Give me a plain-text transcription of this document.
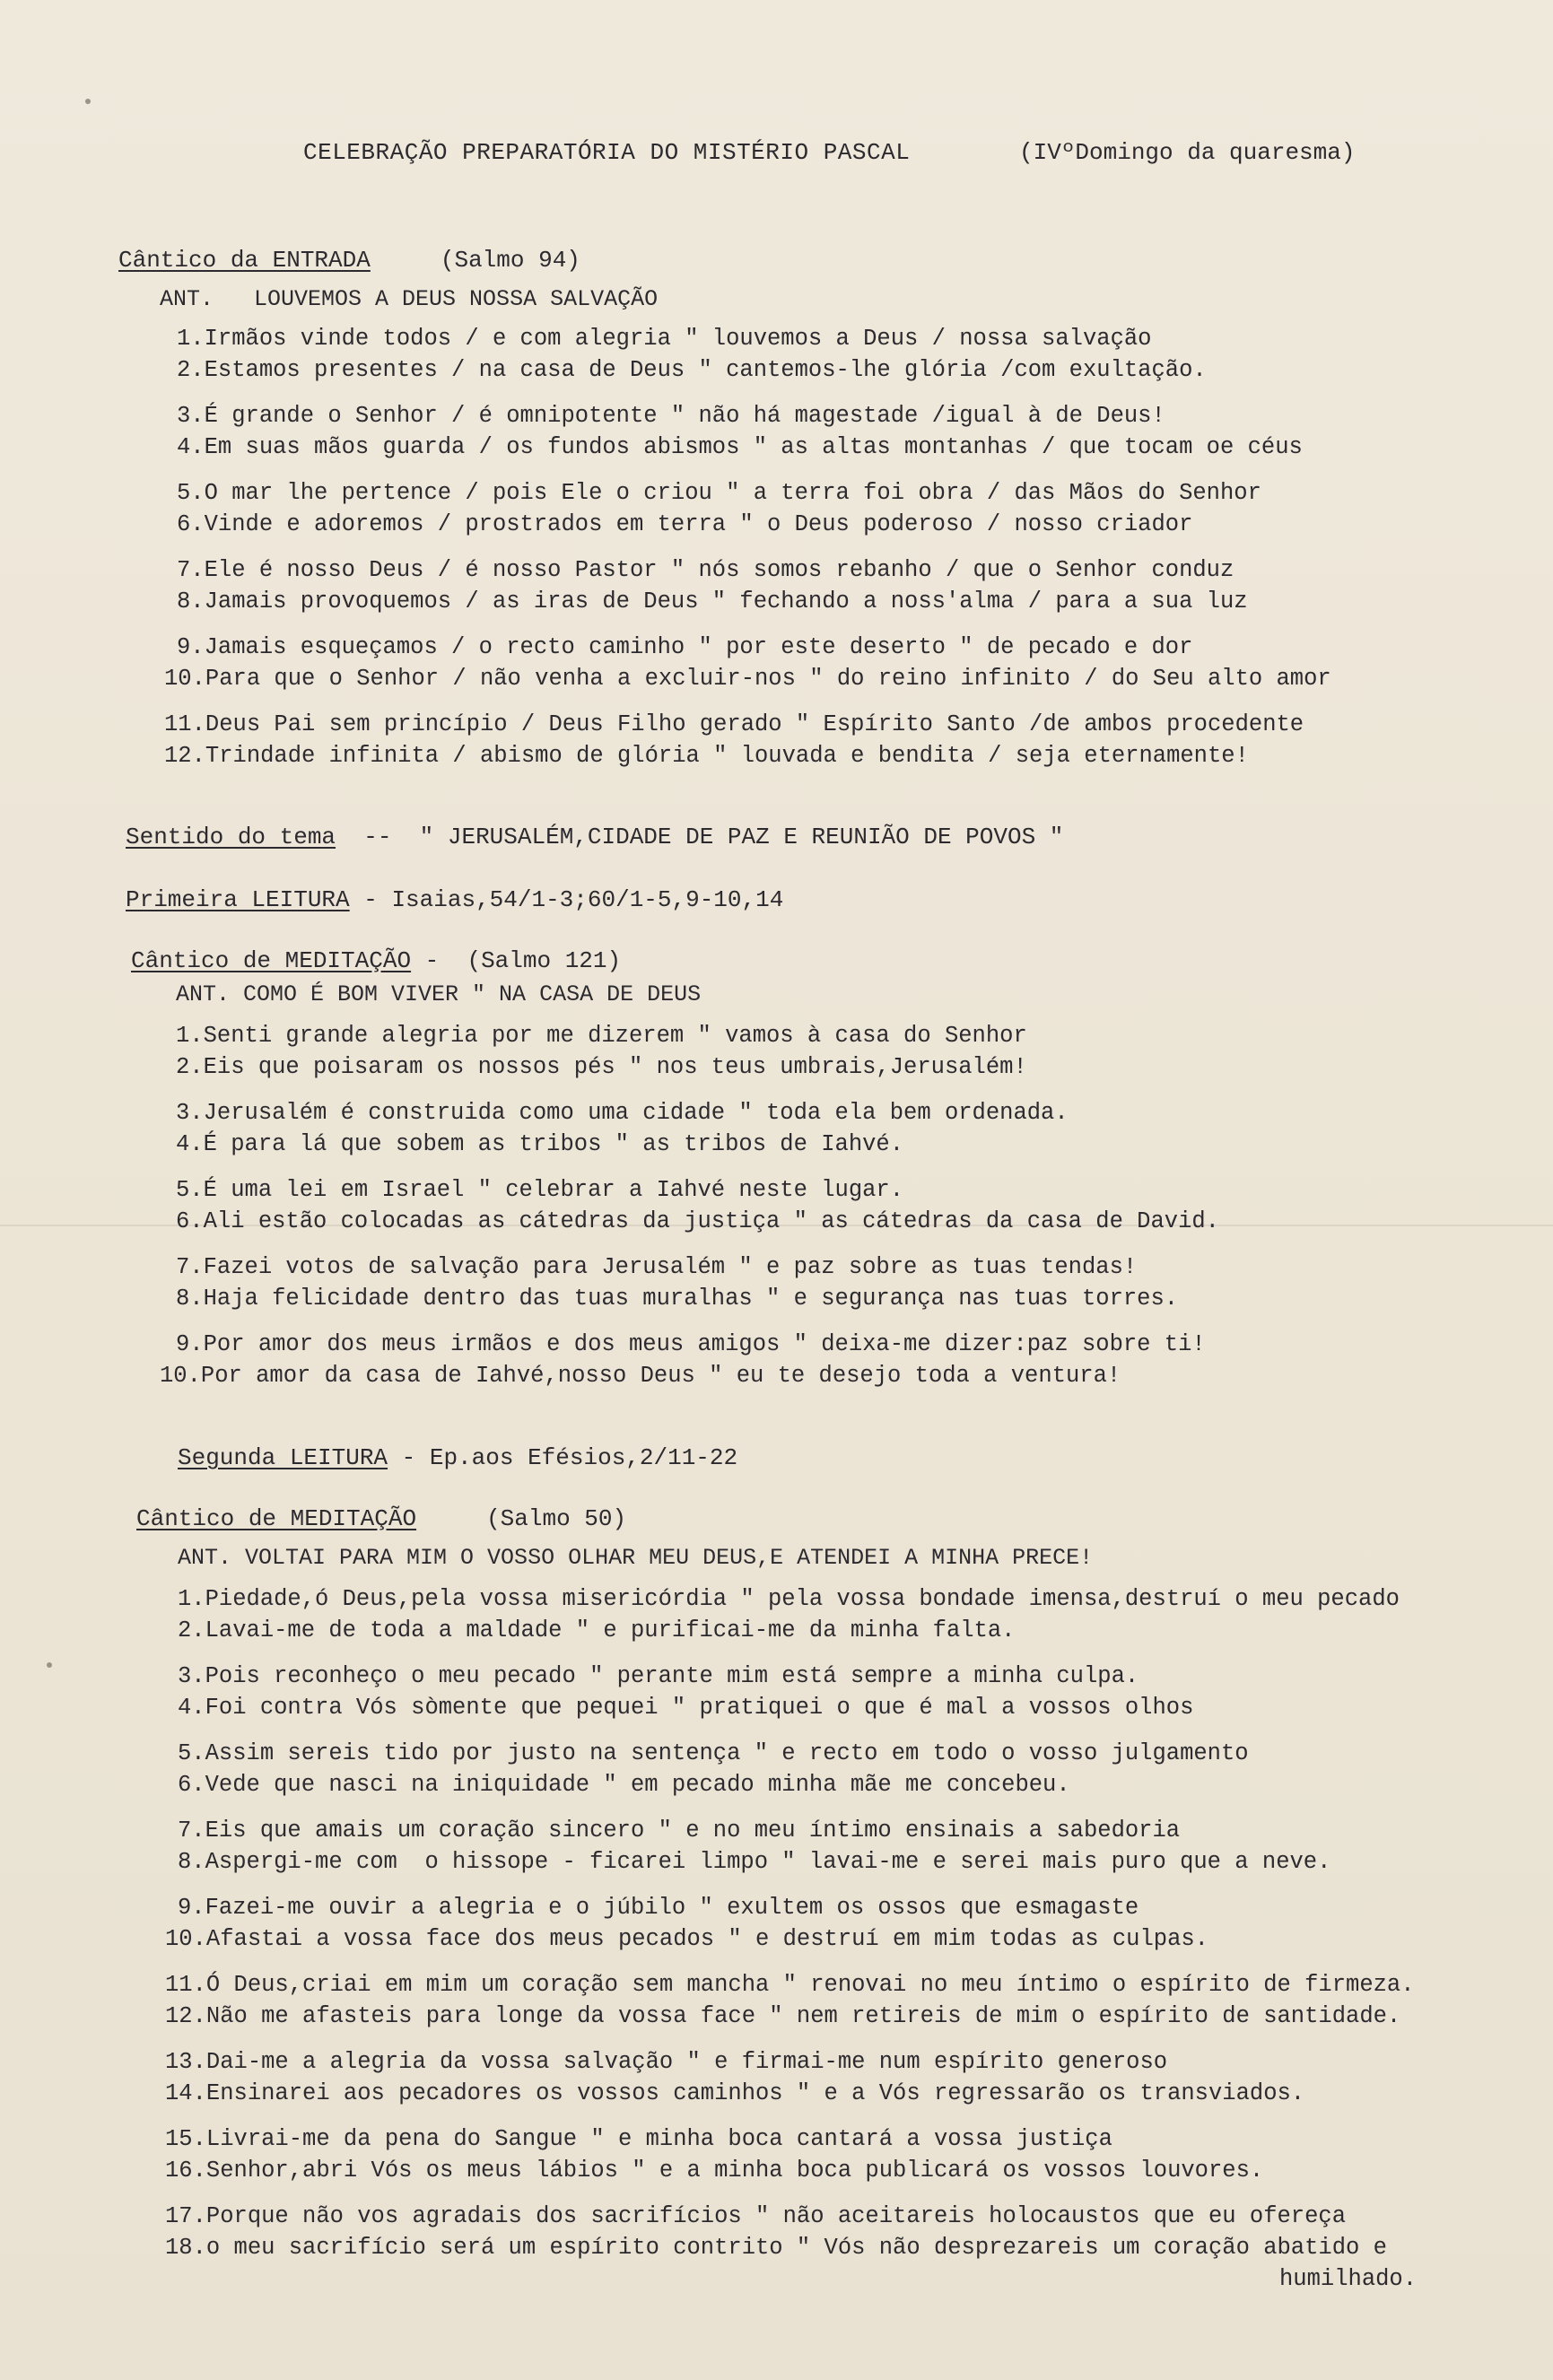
CELEBRAÇÃO PREPARATÓRIA DO MISTÉRIO PASCAL	(IVºDomingo da quaresma)
Cântico da ENTRADA	(Salmo 94)
ANT.   LOUVEMOS A DEUS NOSSA SALVAÇÃO
1.Irmãos vinde todos / e com alegria " louvemos a Deus / nossa salvação
2.Estamos presentes / na casa de Deus " cantemos-lhe glória /com exultação.
3.É grande o Senhor / é omnipotente " não há magestade /igual à de Deus!
4.Em suas mãos guarda / os fundos abismos " as altas montanhas / que tocam oe céus
5.O mar lhe pertence / pois Ele o criou " a terra foi obra / das Mãos do Senhor
6.Vinde e adoremos / prostrados em terra " o Deus poderoso / nosso criador
7.Ele é nosso Deus / é nosso Pastor " nós somos rebanho / que o Senhor conduz
8.Jamais provoquemos / as iras de Deus " fechando a noss'alma / para a sua luz
9.Jamais esqueçamos / o recto caminho " por este deserto " de pecado e dor
10.Para que o Senhor / não venha a excluir-nos " do reino infinito / do Seu alto amor
11.Deus Pai sem princípio / Deus Filho gerado " Espírito Santo /de ambos procedente
12.Trindade infinita / abismo de glória " louvada e bendita / seja eternamente!
Sentido do tema  --  " JERUSALÉM,CIDADE DE PAZ E REUNIÃO DE POVOS "
Primeira LEITURA - Isaias,54/1-3;60/1-5,9-10,14
Cântico de MEDITAÇÃO -  (Salmo 121)
ANT. COMO É BOM VIVER " NA CASA DE DEUS
1.Senti grande alegria por me dizerem " vamos à casa do Senhor
2.Eis que poisaram os nossos pés " nos teus umbrais,Jerusalém!
3.Jerusalém é construida como uma cidade " toda ela bem ordenada.
4.É para lá que sobem as tribos " as tribos de Iahvé.
5.É uma lei em Israel " celebrar a Iahvé neste lugar.
6.Ali estão colocadas as cátedras da justiça " as cátedras da casa de David.
7.Fazei votos de salvação para Jerusalém " e paz sobre as tuas tendas!
8.Haja felicidade dentro das tuas muralhas " e segurança nas tuas torres.
9.Por amor dos meus irmãos e dos meus amigos " deixa-me dizer:paz sobre ti!
10.Por amor da casa de Iahvé,nosso Deus " eu te desejo toda a ventura!
Segunda LEITURA - Ep.aos Efésios,2/11-22
Cântico de MEDITAÇÃO     (Salmo 50)
ANT. VOLTAI PARA MIM O VOSSO OLHAR MEU DEUS,E ATENDEI A MINHA PRECE!
1.Piedade,ó Deus,pela vossa misericórdia " pela vossa bondade imensa,destruí o meu pecado
2.Lavai-me de toda a maldade " e purificai-me da minha falta.
3.Pois reconheço o meu pecado " perante mim está sempre a minha culpa.
4.Foi contra Vós sòmente que pequei " pratiquei o que é mal a vossos olhos
5.Assim sereis tido por justo na sentença " e recto em todo o vosso julgamento
6.Vede que nasci na iniquidade " em pecado minha mãe me concebeu.
7.Eis que amais um coração sincero " e no meu íntimo ensinais a sabedoria
8.Aspergi-me com  o hissope - ficarei limpo " lavai-me e serei mais puro que a neve.
9.Fazei-me ouvir a alegria e o júbilo " exultem os ossos que esmagaste
10.Afastai a vossa face dos meus pecados " e destruí em mim todas as culpas.
11.Ó Deus,criai em mim um coração sem mancha " renovai no meu íntimo o espírito de firmeza.
12.Não me afasteis para longe da vossa face " nem retireis de mim o espírito de santidade.
13.Dai-me a alegria da vossa salvação " e firmai-me num espírito generoso
14.Ensinarei aos pecadores os vossos caminhos " e a Vós regressarão os transviados.
15.Livrai-me da pena do Sangue " e minha boca cantará a vossa justiça
16.Senhor,abri Vós os meus lábios " e a minha boca publicará os vossos louvores.
17.Porque não vos agradais dos sacrifícios " não aceitareis holocaustos que eu ofereça
18.o meu sacrifício será um espírito contrito " Vós não desprezareis um coração abatido e
humilhado.
